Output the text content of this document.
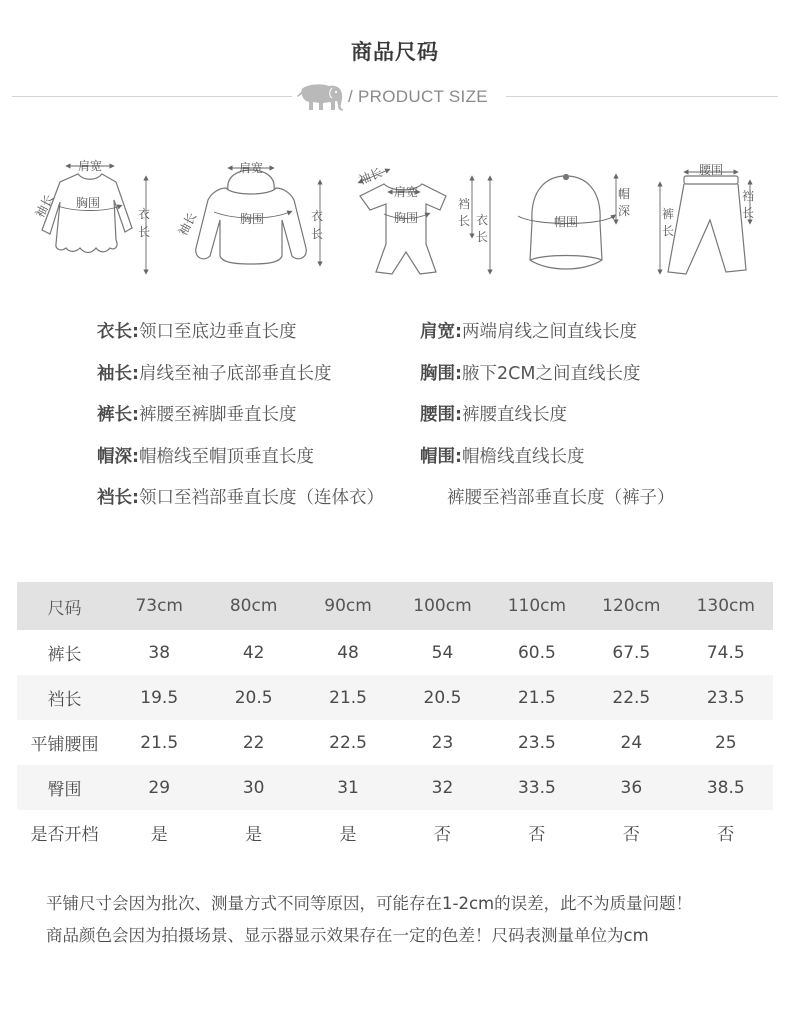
商品尺码
/ PRODUCT SIZE
肩宽
袖长 胸围
衣
长
肩宽
袖长	胸围	衣
长
袖长
肩宽
胸围
裆
长 衣
长
帽围
帽
深
腰围
裤
长
裆
长
衣长:领口至底边垂直长度	肩宽:两端肩线之间直线长度
袖长:肩线至袖子底部垂直长度	胸围:腋下2CM之间直线长度
裤长:裤腰至裤脚垂直长度	腰围:裤腰直线长度
帽深:帽檐线至帽顶垂直长度	帽围:帽檐线直线长度
裆长:领口至裆部垂直长度（连体衣）	裤腰至裆部垂直长度（裤子）
尺码	73cm	80cm	90cm	100cm	110cm	120cm	130cm
裤长	38	42	48	54	60.5	67.5	74.5
裆长	19.5	20.5	21.5	20.5	21.5	22.5	23.5
平铺腰围	21.5	22	22.5	23	23.5	24	25
臀围	29	30	31	32	33.5	36	38.5
是否开档	是	是	是	否	否	否	否
平铺尺寸会因为批次、测量方式不同等原因，可能存在1-2cm的误差，此不为质量问题！
商品颜色会因为拍摄场景、显示器显示效果存在一定的色差！尺码表测量单位为cm
